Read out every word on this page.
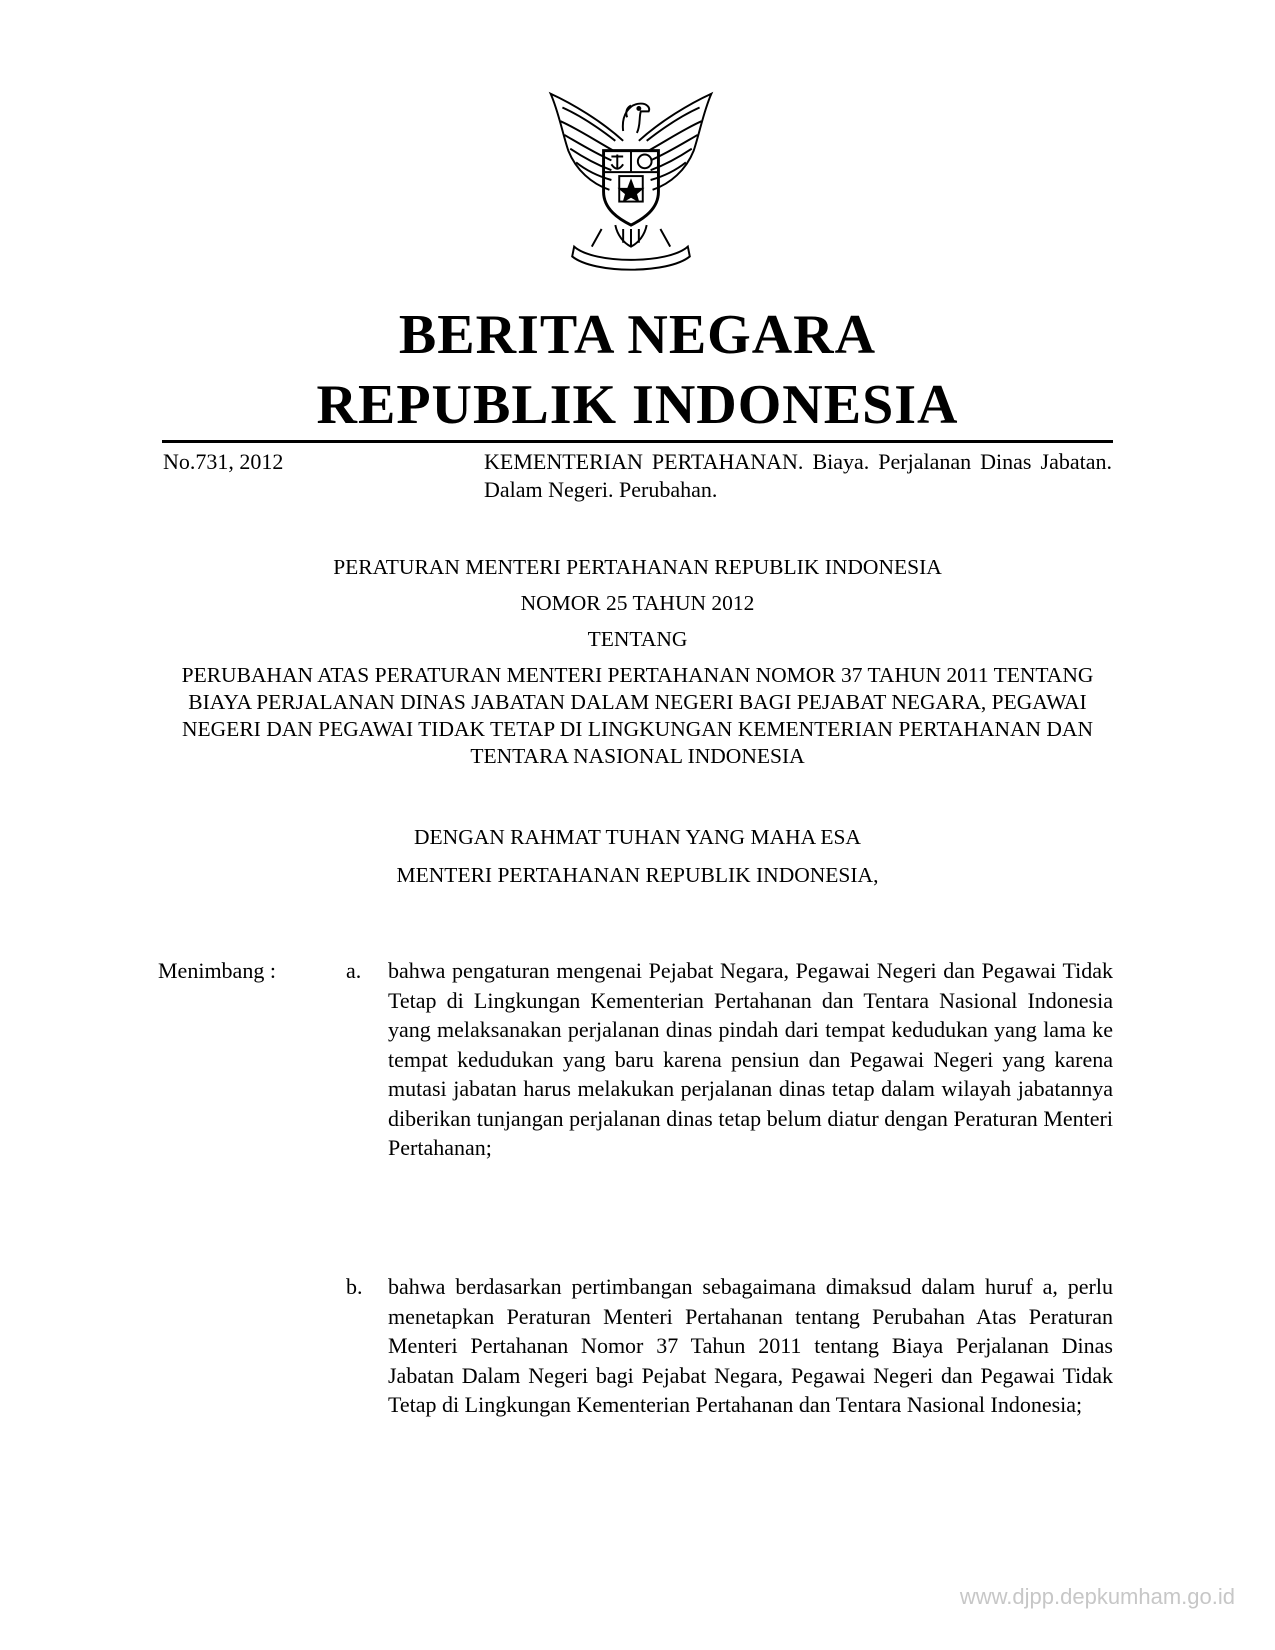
BERITA NEGARA
REPUBLIK INDONESIA
No.731, 2012	KEMENTERIAN PERTAHANAN. Biaya. Perjalanan Dinas Jabatan. Dalam Negeri. Perubahan.
PERATURAN MENTERI PERTAHANAN REPUBLIK INDONESIA
NOMOR 25 TAHUN 2012
TENTANG
PERUBAHAN ATAS PERATURAN MENTERI PERTAHANAN NOMOR 37 TAHUN 2011 TENTANG BIAYA PERJALANAN DINAS JABATAN DALAM NEGERI BAGI PEJABAT NEGARA, PEGAWAI NEGERI DAN PEGAWAI TIDAK TETAP DI LINGKUNGAN KEMENTERIAN PERTAHANAN DAN TENTARA NASIONAL INDONESIA
DENGAN RAHMAT TUHAN YANG MAHA ESA
MENTERI PERTAHANAN REPUBLIK INDONESIA,
Menimbang :	a. bahwa pengaturan mengenai Pejabat Negara, Pegawai Negeri dan Pegawai Tidak Tetap di Lingkungan Kementerian Pertahanan dan Tentara Nasional Indonesia yang melaksanakan perjalanan dinas pindah dari tempat kedudukan yang lama ke tempat kedudukan yang baru karena pensiun dan Pegawai Negeri yang karena mutasi jabatan harus melakukan perjalanan dinas tetap dalam wilayah jabatannya diberikan tunjangan perjalanan dinas tetap belum diatur dengan Peraturan Menteri Pertahanan;
b. bahwa berdasarkan pertimbangan sebagaimana dimaksud dalam huruf a, perlu menetapkan Peraturan Menteri Pertahanan tentang Perubahan Atas Peraturan Menteri Pertahanan Nomor 37 Tahun 2011 tentang Biaya Perjalanan Dinas Jabatan Dalam Negeri bagi Pejabat Negara, Pegawai Negeri dan Pegawai Tidak Tetap di Lingkungan Kementerian Pertahanan dan Tentara Nasional Indonesia;
www.djpp.depkumham.go.id
